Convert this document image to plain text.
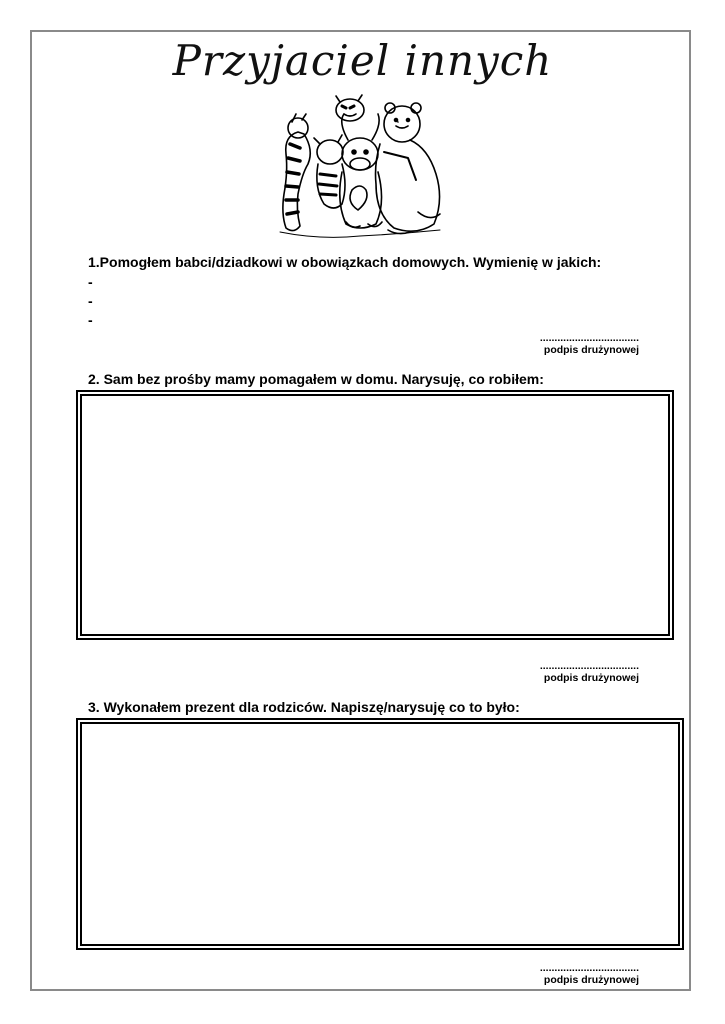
Przyjaciel innych
1.Pomogłem babci/dziadkowi w obowiązkach domowych. Wymienię w jakich:
-
-
-
..................................
podpis drużynowej
2. Sam bez prośby mamy pomagałem w domu. Narysuję, co robiłem:
..................................
podpis drużynowej
3. Wykonałem prezent dla rodziców. Napiszę/narysuję co to było:
..................................
podpis drużynowej
